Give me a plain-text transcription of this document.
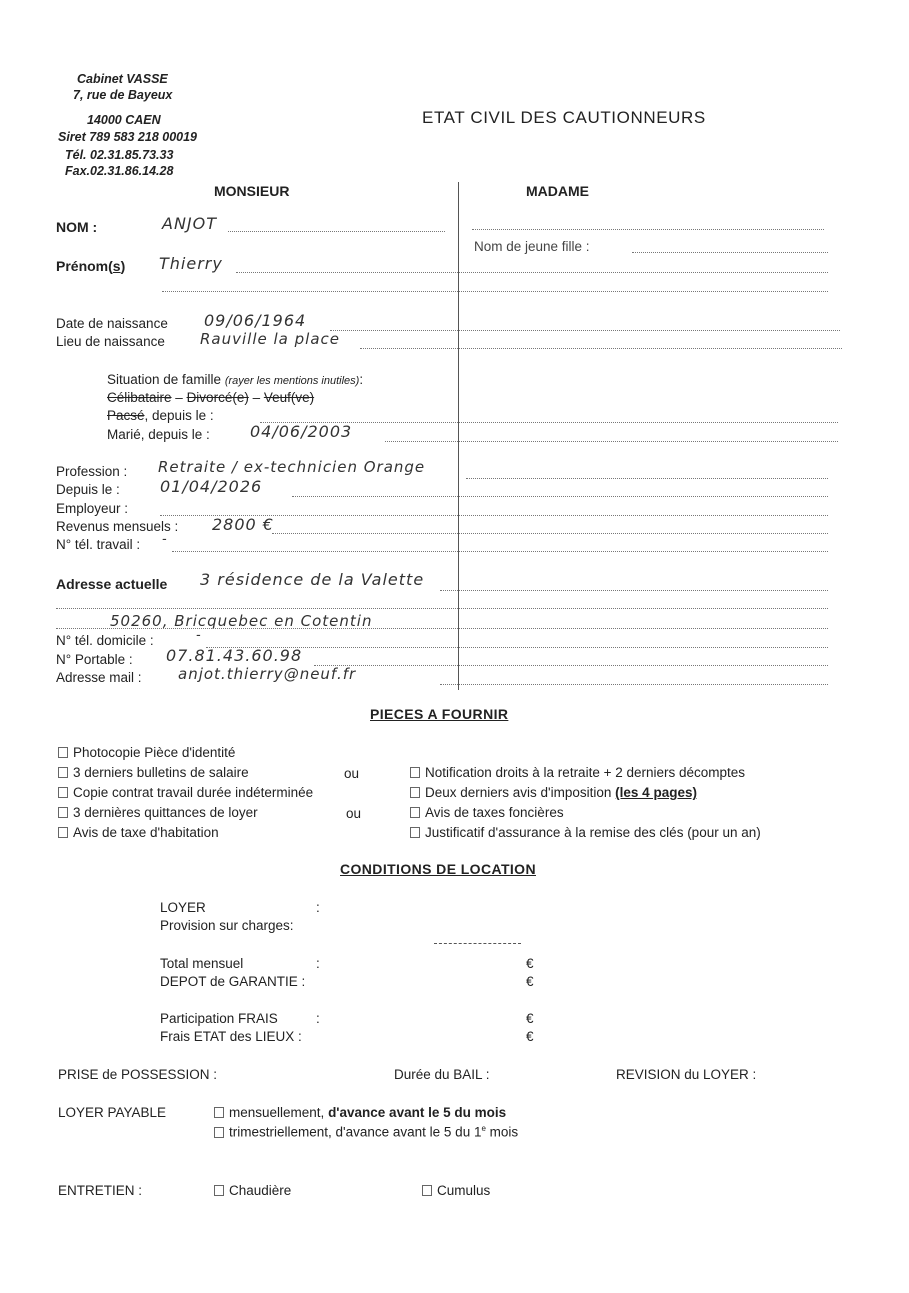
Cabinet VASSE
7, rue de Bayeux
14000 CAEN
Siret 789 583 218 00019
Tél. 02.31.85.73.33
Fax.02.31.86.14.28
ETAT CIVIL DES CAUTIONNEURS
MONSIEUR	MADAME
NOM :	ANJOT
Nom de jeune fille :
Prénom(s) Thierry
Date de naissance 09/06/1964
Lieu de naissance Rauville la place
Situation de famille (rayer les mentions inutiles):
Célibataire – Divorcé(e) – Veuf(ve)
Pacsé, depuis le :
Marié, depuis le :	04/06/2003
Profession : Retraite / ex-technicien Orange
Depuis le :	01/04/2026
Employeur :
Revenus mensuels : 2800 €
N° tél. travail : -
Adresse actuelle 3 résidence de la Valette
50260, Bricquebec en Cotentin
N° tél. domicile :	-
N° Portable : 07.81.43.60.98
Adresse mail : anjot.thierry@neuf.fr
PIECES A FOURNIR
Photocopie Pièce d'identité
3 derniers bulletins de salaire
Copie contrat travail durée indéterminée
3 dernières quittances de loyer
Avis de taxe d'habitation
ou
ou
Notification droits à la retraite + 2 derniers décomptes
Deux derniers avis d'imposition (les 4 pages)
Avis de taxes foncières
Justificatif d'assurance à la remise des clés (pour un an)
CONDITIONS DE LOCATION
LOYER	:
Provision sur charges:
Total mensuel	:	€
DEPOT de GARANTIE :	€
Participation FRAIS	:	€
Frais ETAT des LIEUX :	€
PRISE de POSSESSION :	Durée du BAIL :	REVISION du LOYER :
LOYER PAYABLE	mensuellement, d'avance avant le 5 du mois
trimestriellement, d'avance avant le 5 du 1e mois
ENTRETIEN :	Chaudière	Cumulus
